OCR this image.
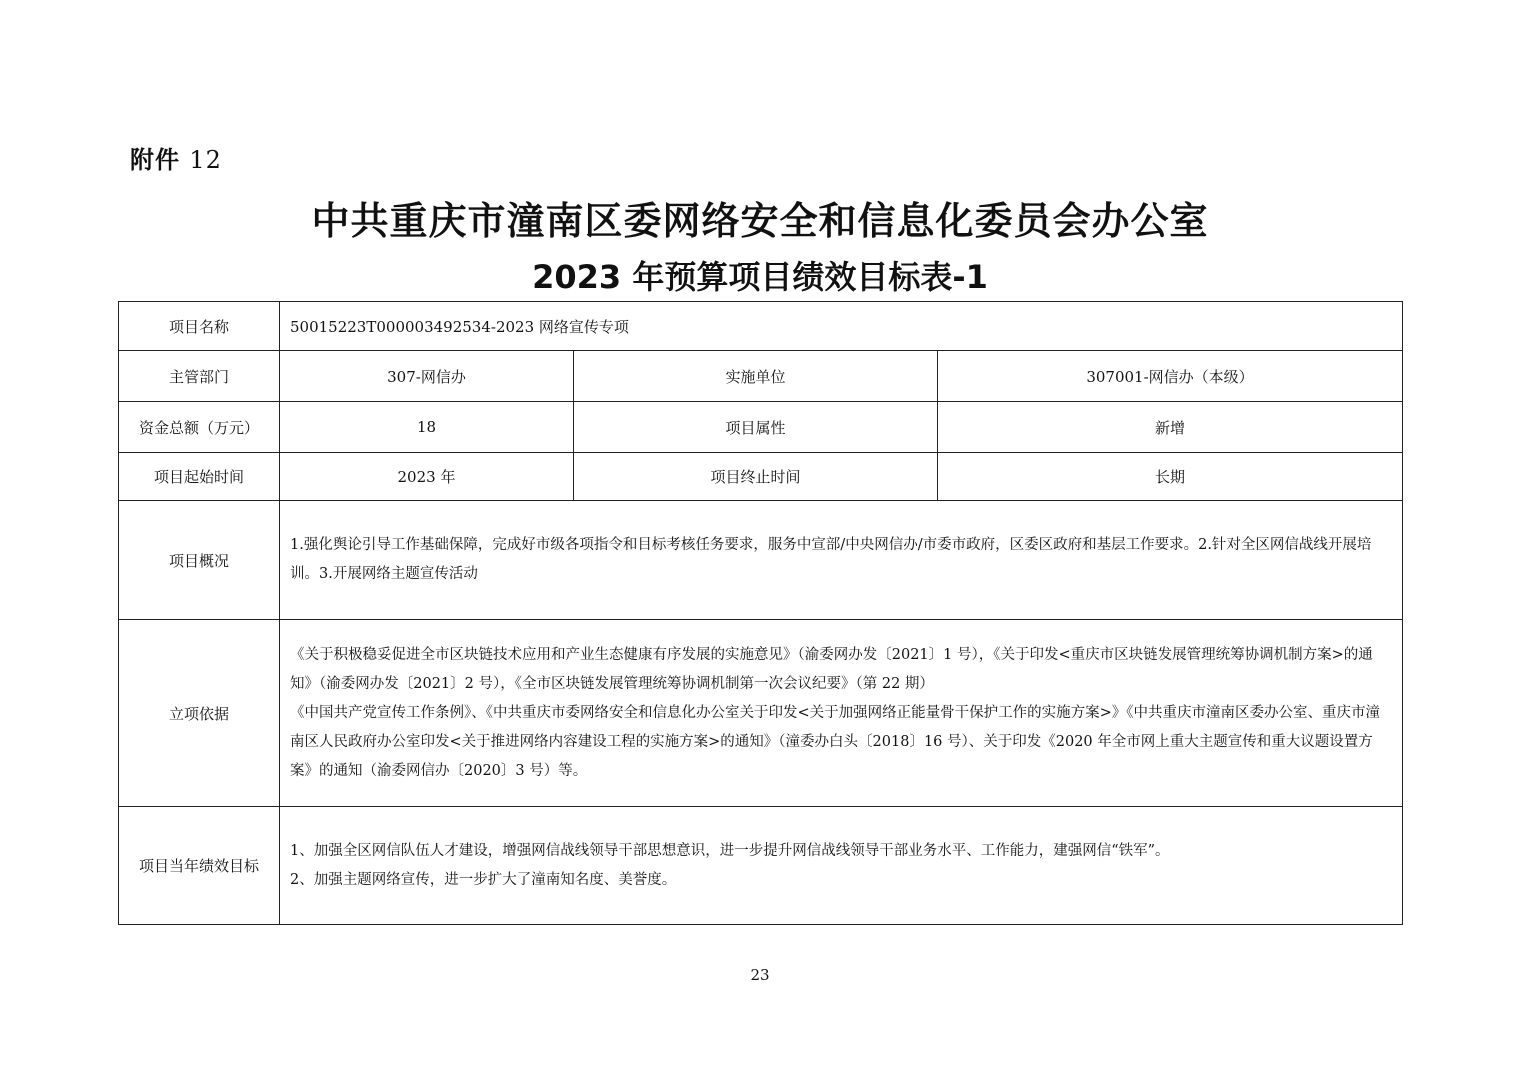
附件 12
中共重庆市潼南区委网络安全和信息化委员会办公室
2023 年预算项目绩效目标表-1
项目名称	50015223T000003492534-2023 网络宣传专项		
主管部门	307-网信办	实施单位	307001-网信办（本级）
资金总额（万元）	18	项目属性	新增
项目起始时间	2023 年	项目终止时间	长期
项目概况	1.强化舆论引导工作基础保障，完成好市级各项指令和目标考核任务要求，服务中宣部/中央网信办/市委市政府，区委区政府和基层工作要求。2.针对全区网信战线开展培训。3.开展网络主题宣传活动		
立项依据	《关于积极稳妥促进全市区块链技术应用和产业生态健康有序发展的实施意见》（渝委网办发〔2021〕1 号），《关于印发<重庆市区块链发展管理统筹协调机制方案>的通知》（渝委网办发〔2021〕2 号），《全市区块链发展管理统筹协调机制第一次会议纪要》（第 22 期）
《中国共产党宣传工作条例》、《中共重庆市委网络安全和信息化办公室关于印发<关于加强网络正能量骨干保护工作的实施方案>》《中共重庆市潼南区委办公室、重庆市潼南区人民政府办公室印发<关于推进网络内容建设工程的实施方案>的通知》（潼委办白头〔2018〕16 号）、关于印发《2020 年全市网上重大主题宣传和重大议题设置方案》的通知（渝委网信办〔2020〕3 号）等。		

项目当年绩效目标	1、加强全区网信队伍人才建设，增强网信战线领导干部思想意识，进一步提升网信战线领导干部业务水平、工作能力，建强网信“铁军”。
2、加强主题网络宣传，进一步扩大了潼南知名度、美誉度。		
23
